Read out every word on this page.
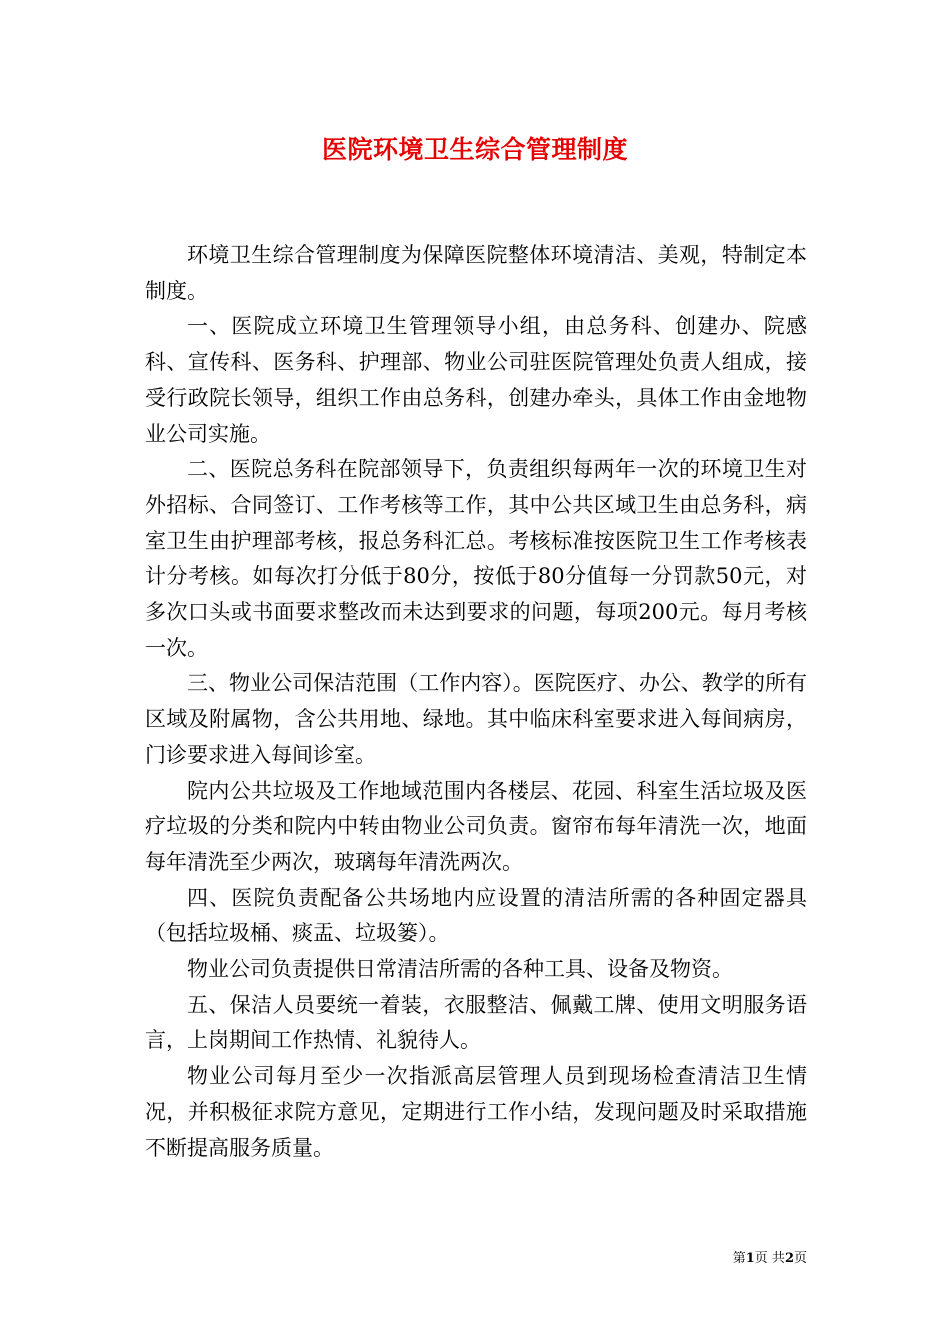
医院环境卫生综合管理制度

环境卫生综合管理制度为保障医院整体环境清洁、美观，特制定本制度。

一、医院成立环境卫生管理领导小组，由总务科、创建办、院感科、宣传科、医务科、护理部、物业公司驻医院管理处负责人组成，接受行政院长领导，组织工作由总务科，创建办牵头，具体工作由金地物业公司实施。

二、医院总务科在院部领导下，负责组织每两年一次的环境卫生对外招标、合同签订、工作考核等工作，其中公共区域卫生由总务科，病室卫生由护理部考核，报总务科汇总。考核标准按医院卫生工作考核表计分考核。如每次打分低于80分，按低于80分值每一分罚款50元，对多次口头或书面要求整改而未达到要求的问题，每项200元。每月考核一次。

三、物业公司保洁范围（工作内容）。医院医疗、办公、教学的所有区域及附属物，含公共用地、绿地。其中临床科室要求进入每间病房，门诊要求进入每间诊室。

院内公共垃圾及工作地域范围内各楼层、花园、科室生活垃圾及医疗垃圾的分类和院内中转由物业公司负责。窗帘布每年清洗一次，地面每年清洗至少两次，玻璃每年清洗两次。

四、医院负责配备公共场地内应设置的清洁所需的各种固定器具（包括垃圾桶、痰盂、垃圾篓）。

物业公司负责提供日常清洁所需的各种工具、设备及物资。

五、保洁人员要统一着装，衣服整洁、佩戴工牌、使用文明服务语言，上岗期间工作热情、礼貌待人。

物业公司每月至少一次指派高层管理人员到现场检查清洁卫生情况，并积极征求院方意见，定期进行工作小结，发现问题及时采取措施不断提高服务质量。

第1页 共2页
